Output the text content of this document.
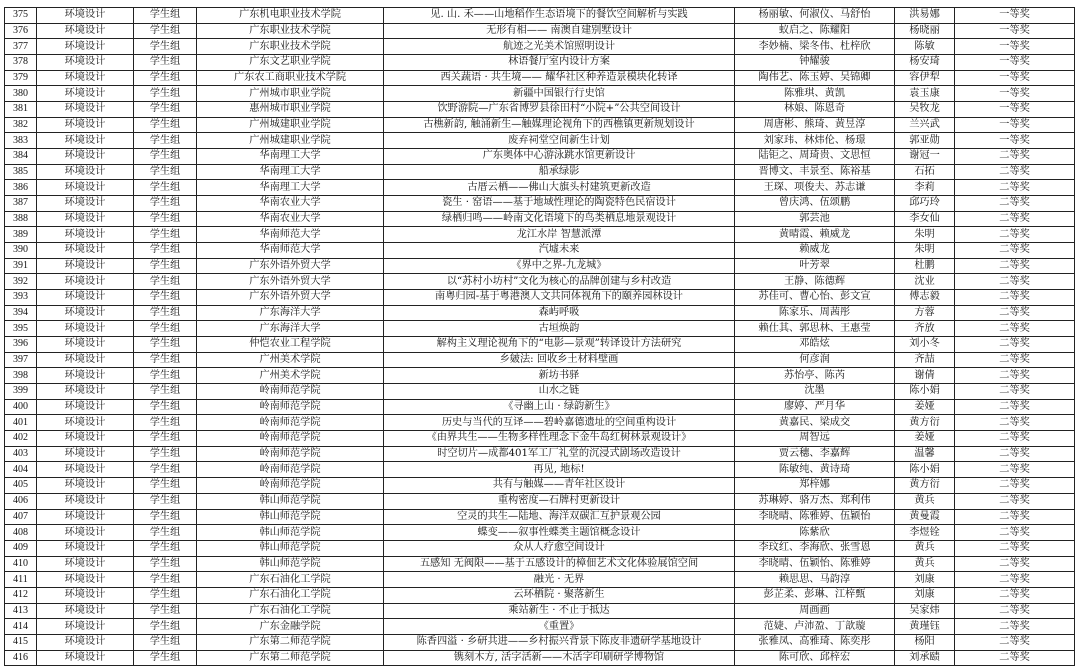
375	环境设计	学生组	广东机电职业技术学院	见. 山. 禾——山地稻作生态语境下的餐饮空间解析与实践	杨丽敏、何淑仪、马舒怡	洪易娜	一等奖
376	环境设计	学生组	广东职业技术学院	无形有相—— 南澳自建别墅设计	蚁启之、陈耀阳	杨晓丽	一等奖
377	环境设计	学生组	广东职业技术学院	航迹之光美术馆照明设计	李妙楠、梁冬伟、杜梓欣	陈敏	一等奖
378	环境设计	学生组	广东文艺职业学院	林语餐厅室内设计方案	钟耀骏	杨安琦	一等奖
379	环境设计	学生组	广东农工商职业技术学院	西关蔬语 · 共生境—— 耀华社区种养造景模块化转译	陶伟艺、陈玉婷、吴锦卿	容伊犁	一等奖
380	环境设计	学生组	广州城市职业学院	新疆中国银行行史馆	陈雅琪、黄凯	袁玉康	一等奖
381	环境设计	学生组	惠州城市职业学院	饮野游院—广东省博罗县徐田村“小院+”公共空间设计	林娘、陈恩奇	吴牧龙	一等奖
382	环境设计	学生组	广州城建职业学院	古樵新韵, 触涌新生—触媒理论视角下的西樵镇更新规划设计	周唐彬、熊琦、黄昱淳	兰兴武	一等奖
383	环境设计	学生组	广州城建职业学院	废弃祠堂空间新生计划	刘家玮、林炜伦、杨璟	郭亚勋	一等奖
384	环境设计	学生组	华南理工大学	广东奥体中心游泳跳水馆更新设计	陆钜之、周琦贵、文思恒	谢冠一	二等奖
385	环境设计	学生组	华南理工大学	船承绿影	晋博文、丰景至、陈裕基	石拓	二等奖
386	环境设计	学生组	华南理工大学	古厝云栖——佛山大旗头村建筑更新改造	王琛、项俊夫、苏志谦	李莉	二等奖
387	环境设计	学生组	华南农业大学	瓷生 · 窑语——基于地域性理论的陶瓷特色民宿设计	曾庆鸿、伍颂鹏	邱巧玲	二等奖
388	环境设计	学生组	华南农业大学	绿栖归鸣——岭南文化语境下的鸟类栖息地景观设计	郭芸池	李女仙	二等奖
389	环境设计	学生组	华南师范大学	龙江水岸 智慧派潭	黄晴霞、赖威龙	朱明	二等奖
390	环境设计	学生组	华南师范大学	汽墟未来	赖威龙	朱明	二等奖
391	环境设计	学生组	广东外语外贸大学	《界中之界-九龙城》	叶芳翠	杜鹏	二等奖
392	环境设计	学生组	广东外语外贸大学	以“苏村小坊村”文化为核心的品牌创建与乡村改造	王静、陈德辉	沈业	二等奖
393	环境设计	学生组	广东外语外贸大学	南粤归园-基于粤港澳人文共同体视角下的颐养园林设计	苏佳可、曹心怡、彭文宣	傅志毅	二等奖
394	环境设计	学生组	广东海洋大学	森屿呼吸	陈家乐、周茜彤	方蓉	二等奖
395	环境设计	学生组	广东海洋大学	古垣焕韵	赖仕其、郭思林、王惠莹	齐放	二等奖
396	环境设计	学生组	仲恺农业工程学院	解构主义理论视角下的“电影—景观”转译设计方法研究	邓皓炫	刘小冬	二等奖
397	环境设计	学生组	广州美术学院	乡皴法: 回收乡土材料壁画	何彦润	齐喆	二等奖
398	环境设计	学生组	广州美术学院	新坊书驿	苏怡亭、陈芮	谢倩	二等奖
399	环境设计	学生组	岭南师范学院	山水之链	沈墨	陈小娟	二等奖
400	环境设计	学生组	岭南师范学院	《寻幽上山 · 绿韵新生》	廖婷、严月华	姜娅	二等奖
401	环境设计	学生组	岭南师范学院	历史与当代的互译——碧岭嘉德遗址的空间重构设计	黄嘉民、梁成交	黄方衍	二等奖
402	环境设计	学生组	岭南师范学院	《由界共生——生物多样性理念下金牛岛红树林景观设计》	周智远	姜娅	二等奖
403	环境设计	学生组	岭南师范学院	时空切片—成都401军工厂礼堂的沉浸式剧场改造设计	贾云穗、李嘉辉	温馨	二等奖
404	环境设计	学生组	岭南师范学院	再见, 地标!	陈敏纯、黄诗琦	陈小娟	二等奖
405	环境设计	学生组	岭南师范学院	共有与触媒——青年社区设计	郑梓娜	黄方衍	二等奖
406	环境设计	学生组	韩山师范学院	重构密度—石牌村更新设计	苏琳婷、骆万杰、郑利伟	黄兵	二等奖
407	环境设计	学生组	韩山师范学院	空灵的共生—陆地、海洋双碳汇互护景观公园	李晓晴、陈雅婷、伍颖怡	黄曼霞	二等奖
408	环境设计	学生组	韩山师范学院	蝶变——叙事性蝶类主题馆概念设计	陈紫欣	李煜铨	二等奖
409	环境设计	学生组	韩山师范学院	众从人疗愈空间设计	李玟红、李海欣、张雪恩	黄兵	二等奖
410	环境设计	学生组	韩山师范学院	五感知 无阀限——基于五感设计的樟佃艺术文化体验展馆空间	李晓晴、伍颖怡、陈雅婷	黄兵	二等奖
411	环境设计	学生组	广东石油化工学院	融光 · 无界	赖思思、马韵淳	刘康	二等奖
412	环境设计	学生组	广东石油化工学院	云环栖院 · 聚落新生	彭芷柔、彭琳、江梓甄	刘康	二等奖
413	环境设计	学生组	广东石油化工学院	乘站新生 · 不止于抵达	周画画	吴家炜	二等奖
414	环境设计	学生组	广东金融学院	《重置》	范婕、卢沛盈、丁歆璇	黄瑾钰	二等奖
415	环境设计	学生组	广东第二师范学院	陈香四溢 · 乡研共进——乡村振兴背景下陈皮非遗研学基地设计	张雅凤、高雅琦、陈奕彤	杨阳	二等奖
416	环境设计	学生组	广东第二师范学院	镌刻木方, 活字活新——木活字印刷研学博物馆	陈可欣、邱梓宏	刘承赜	二等奖
